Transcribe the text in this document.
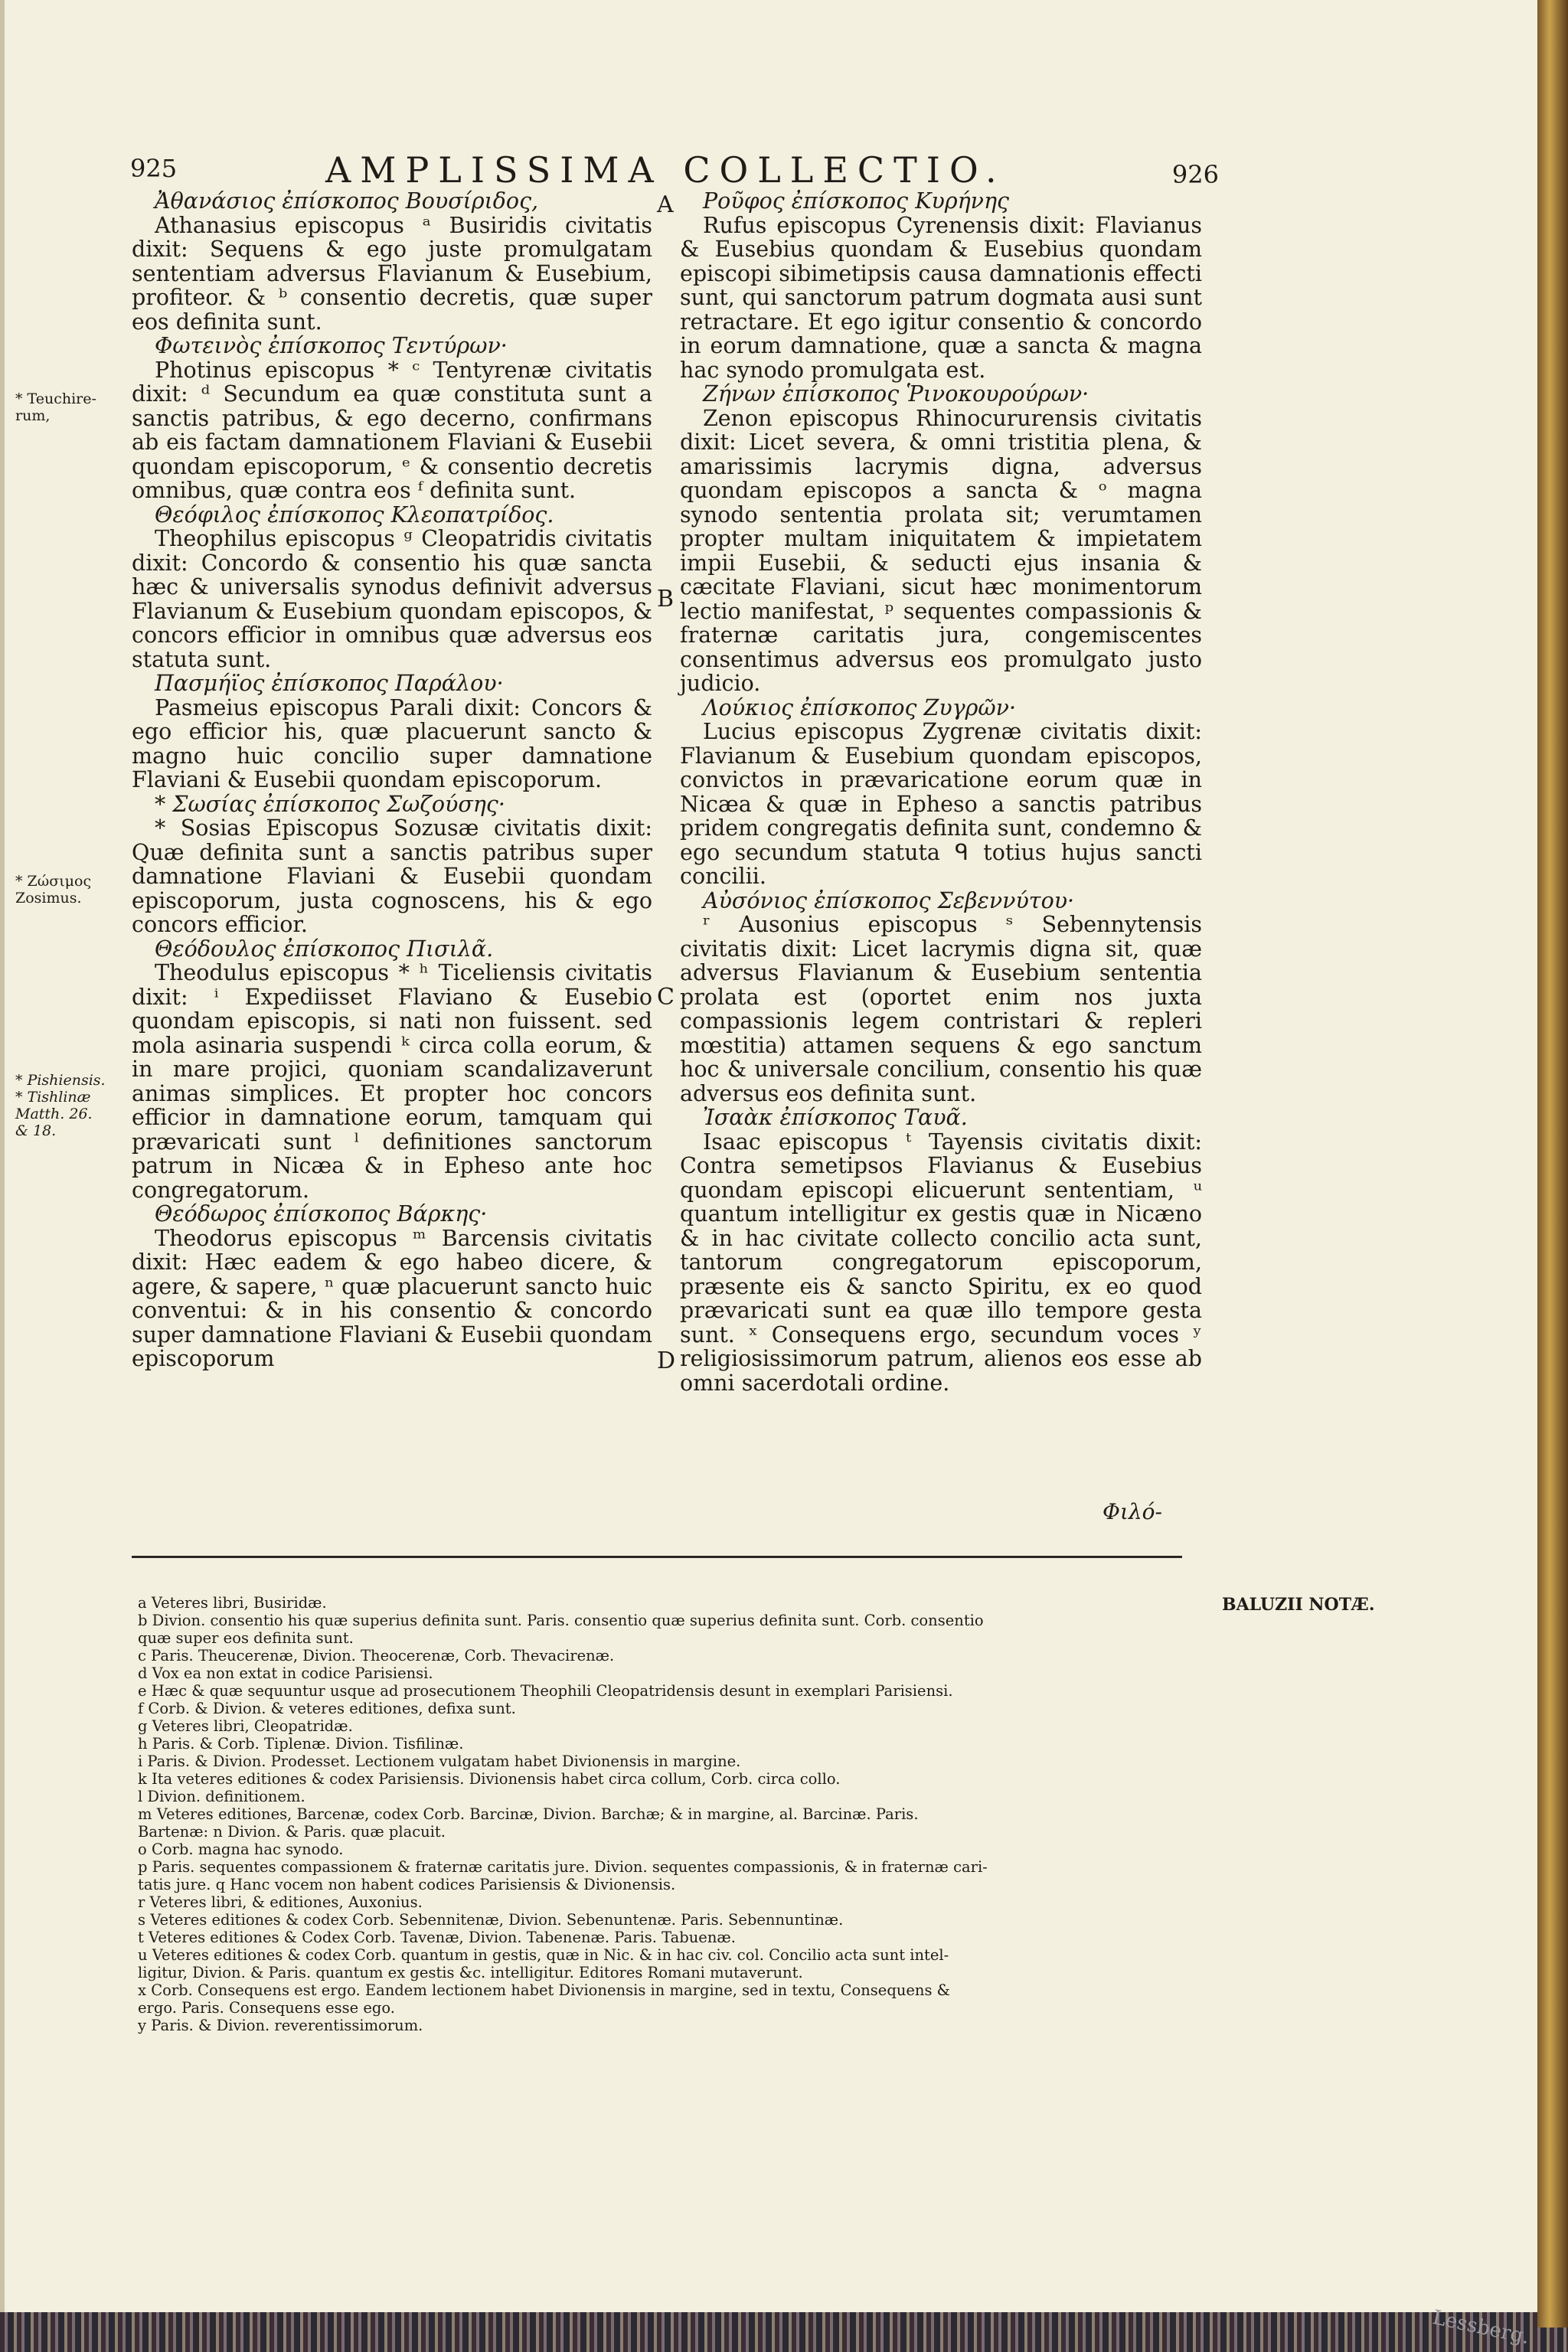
925	AMPLISSIMA COLLECTIO.	926
A
B
C
D
* Teuchire-
rum,
* Ζώσιμος
Zosimus.
* Pishiensis.
* Tishlinæ
Matth. 26.
& 18.

Ἀθανάσιος ἐπίσκοπος Βουσίριδος,

Athanasius episcopus ᵃ Busiridis civitatis dixit: Sequens & ego juste promulgatam sententiam adversus Flavianum & Eusebium, profiteor. & ᵇ consentio decretis, quæ super eos definita sunt.

Φωτεινὸς ἐπίσκοπος Τεντύρων·

Photinus episcopus * ᶜ Tentyrenæ civitatis dixit: ᵈ Secundum ea quæ constituta sunt a sanctis patribus, & ego decerno, confirmans ab eis factam damnationem Flaviani & Eusebii quondam episcoporum, ᵉ & consentio decretis omnibus, quæ contra eos ᶠ definita sunt.

Θεόφιλος ἐπίσκοπος Κλεοπατρίδος.

Theophilus episcopus ᵍ Cleopatridis civitatis dixit: Concordo & consentio his quæ sancta hæc & universalis synodus definivit adversus Flavianum & Eusebium quondam episcopos, & concors efficior in omnibus quæ adversus eos statuta sunt.

Πασμήϊος ἐπίσκοπος Παράλου·

Pasmeius episcopus Parali dixit: Concors & ego efficior his, quæ placuerunt sancto & magno huic concilio super damnatione Flaviani & Eusebii quondam episcoporum.

* Σωσίας ἐπίσκοπος Σωζούσης·

* Sosias Episcopus Sozusæ civitatis dixit: Quæ definita sunt a sanctis patribus super damnatione Flaviani & Eusebii quondam episcoporum, justa cognoscens, his & ego concors efficior.

Θεόδουλος ἐπίσκοπος Πισιλᾶ.

Theodulus episcopus * ʰ Ticeliensis civitatis dixit: ⁱ Expediisset Flaviano & Eusebio quondam episcopis, si nati non fuissent. sed mola asinaria suspendi ᵏ circa colla eorum, & in mare projici, quoniam scandalizaverunt animas simplices. Et propter hoc concors efficior in damnatione eorum, tamquam qui prævaricati sunt ˡ definitiones sanctorum patrum in Nicæa & in Ephesо ante hoc congregatorum.

Θεόδωρος ἐπίσκοπος Βάρκης·

Theodorus episcopus ᵐ Barcensis civitatis dixit: Hæc eadem & ego habeo dicere, & agere, & sapere, ⁿ quæ placuerunt sancto huic conventui: & in his consentio & concordo super damnatione Flaviani & Eusebii quondam episcoporum

Ροῦφος ἐπίσκοπος Κυρήνης

Rufus episcopus Cyrenensis dixit: Flavianus & Eusebius quondam & Eusebius quondam episcopi sibimetipsis causa damnationis effecti sunt, qui sanctorum patrum dogmata ausi sunt retractare. Et ego igitur consentio & concordo in eorum damnatione, quæ a sancta & magna hac synodo promulgata est.

Ζήνων ἐπίσκοπος Ῥινοκουρούρων·

Zenon episcopus Rhinocururensis civitatis dixit: Licet severa, & omni tristitia plena, & amarissimis lacrymis digna, adversus quondam episcopos a sancta & ᵒ magna synodo sententia prolata sit; verumtamen propter multam iniquitatem & impietatem impii Eusebii, & seducti ejus insania & cæcitate Flaviani, sicut hæc monimentorum lectio manifestat, ᵖ sequentes compassionis & fraternæ caritatis jura, congemiscentes consentimus adversus eos promulgato justo judicio.

Λούκιος ἐπίσκοπος Ζυγρῶν·

Lucius episcopus Zygrenæ civitatis dixit: Flavianum & Eusebium quondam episcopos, convictos in prævaricatione eorum quæ in Nicæa & quæ in Ephesо a sanctis patribus pridem congregatis definita sunt, condemno & ego secundum statuta ᑫ totius hujus sancti concilii.

Αὐσόνιος ἐπίσκοπος Σεβεννύτου·

ʳ Ausonius episcopus ˢ Sebennytensis civitatis dixit: Licet lacrymis digna sit, quæ adversus Flavianum & Eusebium sententia prolata est (oportet enim nos juxta compassionis legem contristari & repleri mœstitia) attamen sequens & ego sanctum hoc & universale concilium, consentio his quæ adversus eos definita sunt.

Ἰσαὰκ ἐπίσκοπος Ταυᾶ.

Isaac episcopus ᵗ Tayensis civitatis dixit: Contra semetipsos Flavianus & Eusebius quondam episcopi elicuerunt sententiam, ᵘ quantum intelligitur ex gestis quæ in Nicæno & in hac civitate collecto concilio acta sunt, tantorum congregatorum episcoporum, præsente eis & sancto Spiritu, ex eo quod prævaricati sunt ea quæ illo tempore gesta sunt. ˣ Consequens ergo, secundum voces ʸ religiosissimorum patrum, alienos eos esse ab omni sacerdotali ordine.

Φιλό-
BALUZII NOTÆ.
a Veteres libri, Busiridæ.
b Divion. consentio his quæ superius definita sunt. Paris. consentio quæ superius definita sunt. Corb. consentio
quæ super eos definita sunt.
c Paris. Theucerenæ, Divion. Theocerenæ, Corb. Thevacirenæ.
d Vox ea non extat in codice Parisiensi.
e Hæc & quæ sequuntur usque ad prosecutionem Theophili Cleopatridensis desunt in exemplari Parisiensi.
f Corb. & Divion. & veteres editiones, defixa sunt.
g Veteres libri, Cleopatridæ.
h Paris. & Corb. Tiplenæ. Divion. Tisfilinæ.
i Paris. & Divion. Prodesset. Lectionem vulgatam habet Divionensis in margine.
k Ita veteres editiones & codex Parisiensis. Divionensis habet circa collum, Corb. circa collo.
l Divion. definitionem.
m Veteres editiones, Barcenæ, codex Corb. Barcinæ, Divion. Barchæ; & in margine, al. Barcinæ. Paris.
Bartenæ: n Divion. & Paris. quæ placuit.
o Corb. magna hac synodo.
p Paris. sequentes compassionem & fraternæ caritatis jure. Divion. sequentes compassionis, & in fraternæ cari-
tatis jure. q Hanc vocem non habent codices Parisiensis & Divionensis.
r Veteres libri, & editiones, Auxonius.
s Veteres editiones & codex Corb. Sebennitenæ, Divion. Sebenuntenæ. Paris. Sebennuntinæ.
t Veteres editiones & Codex Corb. Tavenæ, Divion. Tabenenæ. Paris. Tabuenæ.
u Veteres editiones & codex Corb. quantum in gestis, quæ in Nic. & in hac civ. col. Concilio acta sunt intel-
ligitur, Divion. & Paris. quantum ex gestis &c. intelligitur. Editores Romani mutaverunt.
x Corb. Consequens est ergo. Eandem lectionem habet Divionensis in margine, sed in textu, Consequens &
ergo. Paris. Consequens esse ego.
y Paris. & Divion. reverentissimorum.
Lessberg.
